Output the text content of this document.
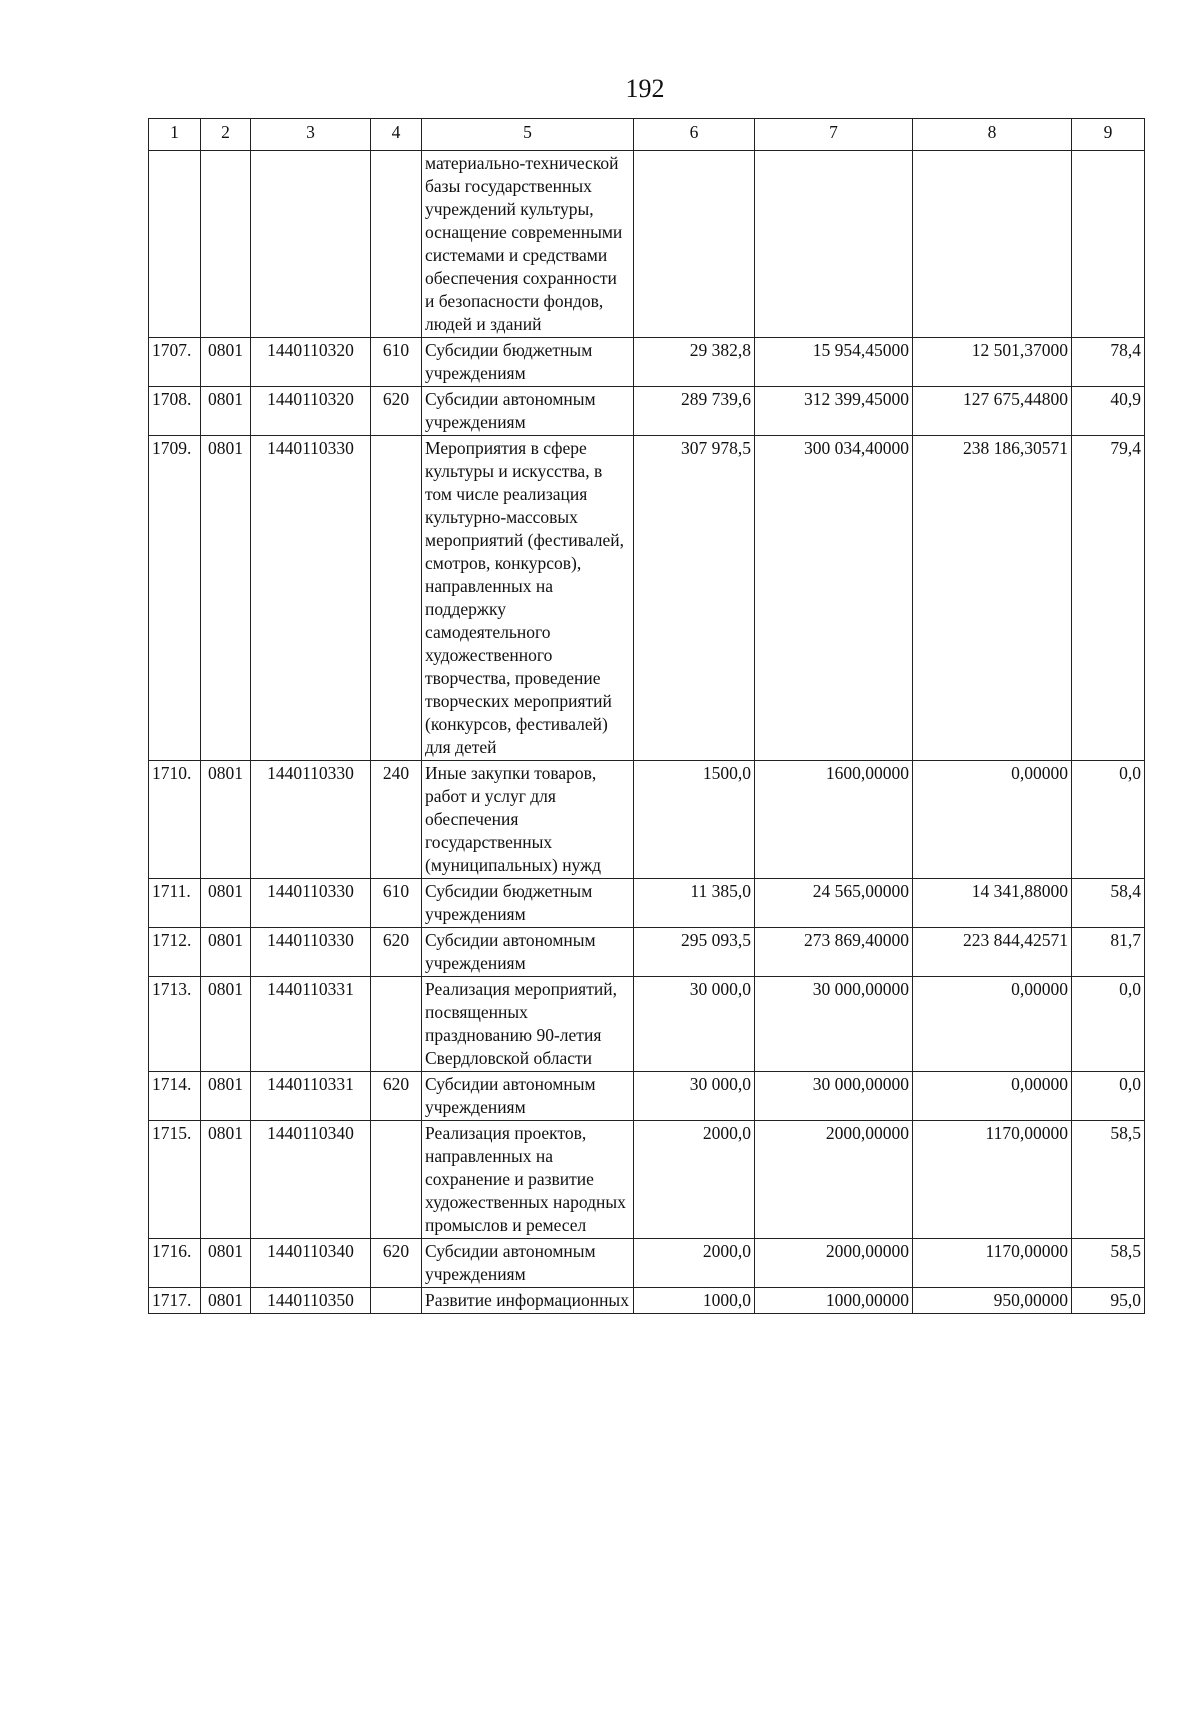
192
1	2	3	4	5	6	7	8	9
				материально-технической базы государственных учреждений культуры, оснащение современными системами и средствами обеспечения сохранности и безопасности фондов, людей и зданий				
1707.	0801	1440110320	610	Субсидии бюджетным учреждениям	29 382,8	15 954,45000	12 501,37000	78,4
1708.	0801	1440110320	620	Субсидии автономным учреждениям	289 739,6	312 399,45000	127 675,44800	40,9
1709.	0801	1440110330		Мероприятия в сфере культуры и искусства, в том числе реализация культурно-массовых мероприятий (фестивалей, смотров, конкурсов), направленных на поддержку самодеятельного художественного творчества, проведение творческих мероприятий (конкурсов, фестивалей) для детей	307 978,5	300 034,40000	238 186,30571	79,4
1710.	0801	1440110330	240	Иные закупки товаров, работ и услуг для обеспечения государственных (муниципальных) нужд	1500,0	1600,00000	0,00000	0,0
1711.	0801	1440110330	610	Субсидии бюджетным учреждениям	11 385,0	24 565,00000	14 341,88000	58,4
1712.	0801	1440110330	620	Субсидии автономным учреждениям	295 093,5	273 869,40000	223 844,42571	81,7
1713.	0801	1440110331		Реализация мероприятий, посвященных празднованию 90-летия Свердловской области	30 000,0	30 000,00000	0,00000	0,0
1714.	0801	1440110331	620	Субсидии автономным учреждениям	30 000,0	30 000,00000	0,00000	0,0
1715.	0801	1440110340		Реализация проектов, направленных на сохранение и развитие художественных народных промыслов и ремесел	2000,0	2000,00000	1170,00000	58,5
1716.	0801	1440110340	620	Субсидии автономным учреждениям	2000,0	2000,00000	1170,00000	58,5
1717.	0801	1440110350		Развитие информационных	1000,0	1000,00000	950,00000	95,0
